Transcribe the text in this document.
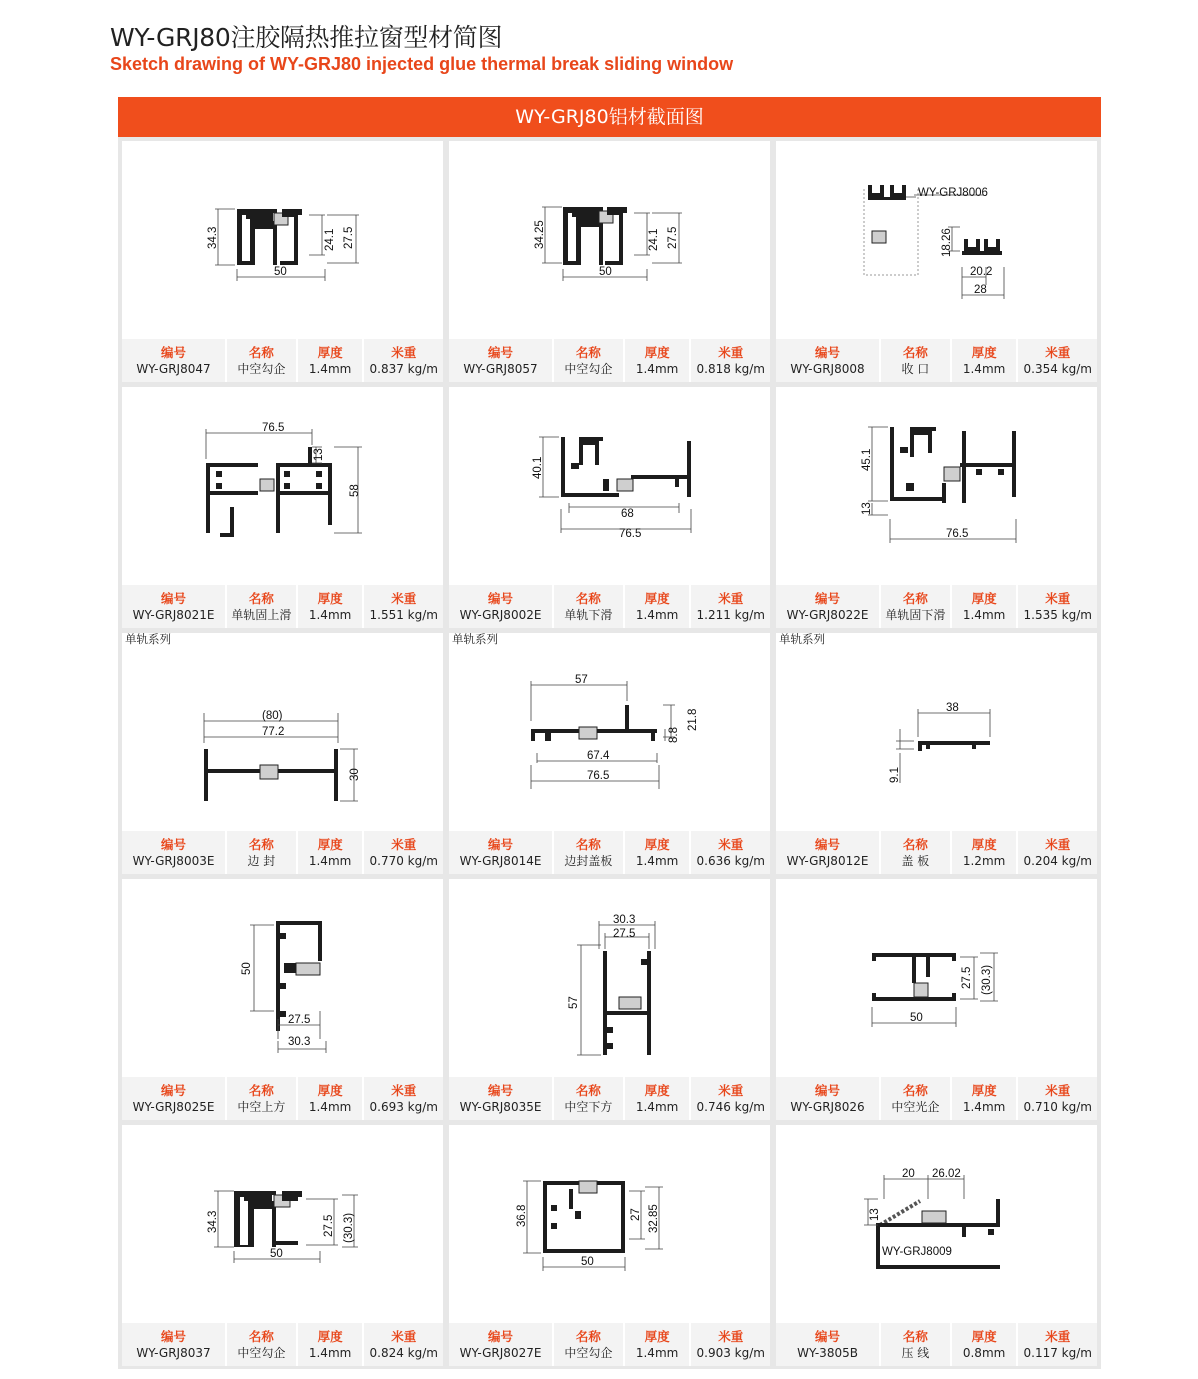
WY-GRJ80注胶隔热推拉窗型材简图
Sketch drawing of WY-GRJ80 injected glue thermal break sliding window
WY-GRJ80铝材截面图
34.3	24.1 27.5
50
编号
WY-GRJ8047
名称
中空勾企
厚度
1.4mm
米重
0.837 kg/m
34.25	24.1 27.5
50
编号
WY-GRJ8057
名称
中空勾企
厚度
1.4mm
米重
0.818 kg/m
WY-GRJ8006
18.26
20.2
28
编号
WY-GRJ8008
名称
收 口
厚度
1.4mm
米重
0.354 kg/m
76.5
13
58
编号
WY-GRJ8021E
名称
单轨固上滑
厚度
1.4mm
米重
1.551 kg/m
40.1
68
76.5
编号
WY-GRJ8002E
名称
单轨下滑
厚度
1.4mm
米重
1.211 kg/m
45.1
13
76.5
编号
WY-GRJ8022E
名称
单轨固下滑
厚度
1.4mm
米重
1.535 kg/m
单轨系列
(80)
77.2
30
编号
WY-GRJ8003E
名称
边 封
厚度
1.4mm
米重
0.770 kg/m
单轨系列
57
21.8
8.8
67.4
76.5
编号
WY-GRJ8014E
名称
边封盖板
厚度
1.4mm
米重
0.636 kg/m
单轨系列
38
9.1
编号
WY-GRJ8012E
名称
盖 板
厚度
1.2mm
米重
0.204 kg/m
50
27.5
30.3
编号
WY-GRJ8025E
名称
中空上方
厚度
1.4mm
米重
0.693 kg/m
30.3
27.5
57
编号
WY-GRJ8035E
名称
中空下方
厚度
1.4mm
米重
0.746 kg/m
27.5 (30.3)
50
编号
WY-GRJ8026
名称
中空光企
厚度
1.4mm
米重
0.710 kg/m
34.3	27.5 (30.3)
50
编号
WY-GRJ8037
名称
中空勾企
厚度
1.4mm
米重
0.824 kg/m
36.8	27 32.85
50
编号
WY-GRJ8027E
名称
中空勾企
厚度
1.4mm
米重
0.903 kg/m
20 26.02
13
WY-GRJ8009
编号
WY-3805B
名称
压 线
厚度
0.8mm
米重
0.117 kg/m
